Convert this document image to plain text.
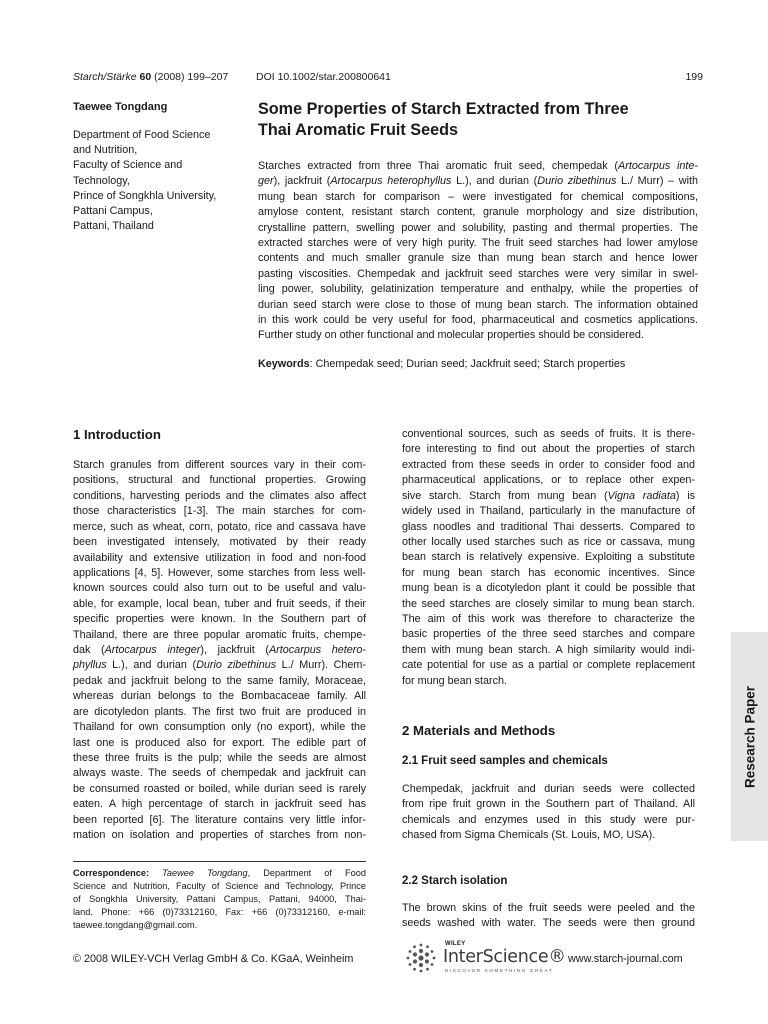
Starch/Stärke 60 (2008) 199–207	DOI 10.1002/star.200800641	199
Taewee Tongdang
Department of Food Science
and Nutrition,
Faculty of Science and
Technology,
Prince of Songkhla University,
Pattani Campus,
Pattani, Thailand
Some Properties of Starch Extracted from Three
Thai Aromatic Fruit Seeds
Starches extracted from three Thai aromatic fruit seed, chempedak (Artocarpus inte-
ger), jackfruit (Artocarpus heterophyllus L.), and durian (Durio zibethinus L./ Murr) – with
mung bean starch for comparison – were investigated for chemical compositions,
amylose content, resistant starch content, granule morphology and size distribution,
crystalline pattern, swelling power and solubility, pasting and thermal properties. The
extracted starches were of very high purity. The fruit seed starches had lower amylose
contents and much smaller granule size than mung bean starch and hence lower
pasting viscosities. Chempedak and jackfruit seed starches were very similar in swel-
ling power, solubility, gelatinization temperature and enthalpy, while the properties of
durian seed starch were close to those of mung bean starch. The information obtained
in this work could be very useful for food, pharmaceutical and cosmetics applications.
Further study on other functional and molecular properties should be considered.
Keywords: Chempedak seed; Durian seed; Jackfruit seed; Starch properties
1 Introduction
Starch granules from different sources vary in their com-
positions, structural and functional properties. Growing
conditions, harvesting periods and the climates also affect
those characteristics [1-3]. The main starches for com-
merce, such as wheat, corn, potato, rice and cassava have
been investigated intensely, motivated by their ready
availability and extensive utilization in food and non-food
applications [4, 5]. However, some starches from less well-
known sources could also turn out to be useful and valu-
able, for example, local bean, tuber and fruit seeds, if their
specific properties were known. In the Southern part of
Thailand, there are three popular aromatic fruits, chempe-
dak (Artocarpus integer), jackfruit (Artocarpus hetero-
phyllus L.), and durian (Durio zibethinus L./ Murr). Chem-
pedak and jackfruit belong to the same family, Moraceae,
whereas durian belongs to the Bombacaceae family. All
are dicotyledon plants. The first two fruit are produced in
Thailand for own consumption only (no export), while the
last one is produced also for export. The edible part of
these three fruits is the pulp; while the seeds are almost
always waste. The seeds of chempedak and jackfruit can
be consumed roasted or boiled, while durian seed is rarely
eaten. A high percentage of starch in jackfruit seed has
been reported [6]. The literature contains very little infor-
mation on isolation and properties of starches from non-
conventional sources, such as seeds of fruits. It is there-
fore interesting to find out about the properties of starch
extracted from these seeds in order to consider food and
pharmaceutical applications, or to replace other expen-
sive starch. Starch from mung bean (Vigna radiata) is
widely used in Thailand, particularly in the manufacture of
glass noodles and traditional Thai desserts. Compared to
other locally used starches such as rice or cassava, mung
bean starch is relatively expensive. Exploiting a substitute
for mung bean starch has economic incentives. Since
mung bean is a dicotyledon plant it could be possible that
the seed starches are closely similar to mung bean starch.
The aim of this work was therefore to characterize the
basic properties of the three seed starches and compare
them with mung bean starch. A high similarity would indi-
cate potential for use as a partial or complete replacement
for mung bean starch.
2 Materials and Methods
2.1 Fruit seed samples and chemicals
Chempedak, jackfruit and durian seeds were collected
from ripe fruit grown in the Southern part of Thailand. All
chemicals and enzymes used in this study were pur-
chased from Sigma Chemicals (St. Louis, MO, USA).
2.2 Starch isolation
The brown skins of the fruit seeds were peeled and the
seeds washed with water. The seeds were then ground
Correspondence: Taewee Tongdang, Department of Food
Science and Nutrition, Faculty of Science and Technology, Prince
of Songkhla University, Pattani Campus, Pattani, 94000, Thai-
land. Phone: +66 (0)73312160, Fax: +66 (0)73312160, e-mail:
taewee.tongdang@gmail.com.
© 2008 WILEY-VCH Verlag GmbH & Co. KGaA, Weinheim
WILEY
InterScience®
DISCOVER SOMETHING GREAT
www.starch-journal.com
Research Paper
